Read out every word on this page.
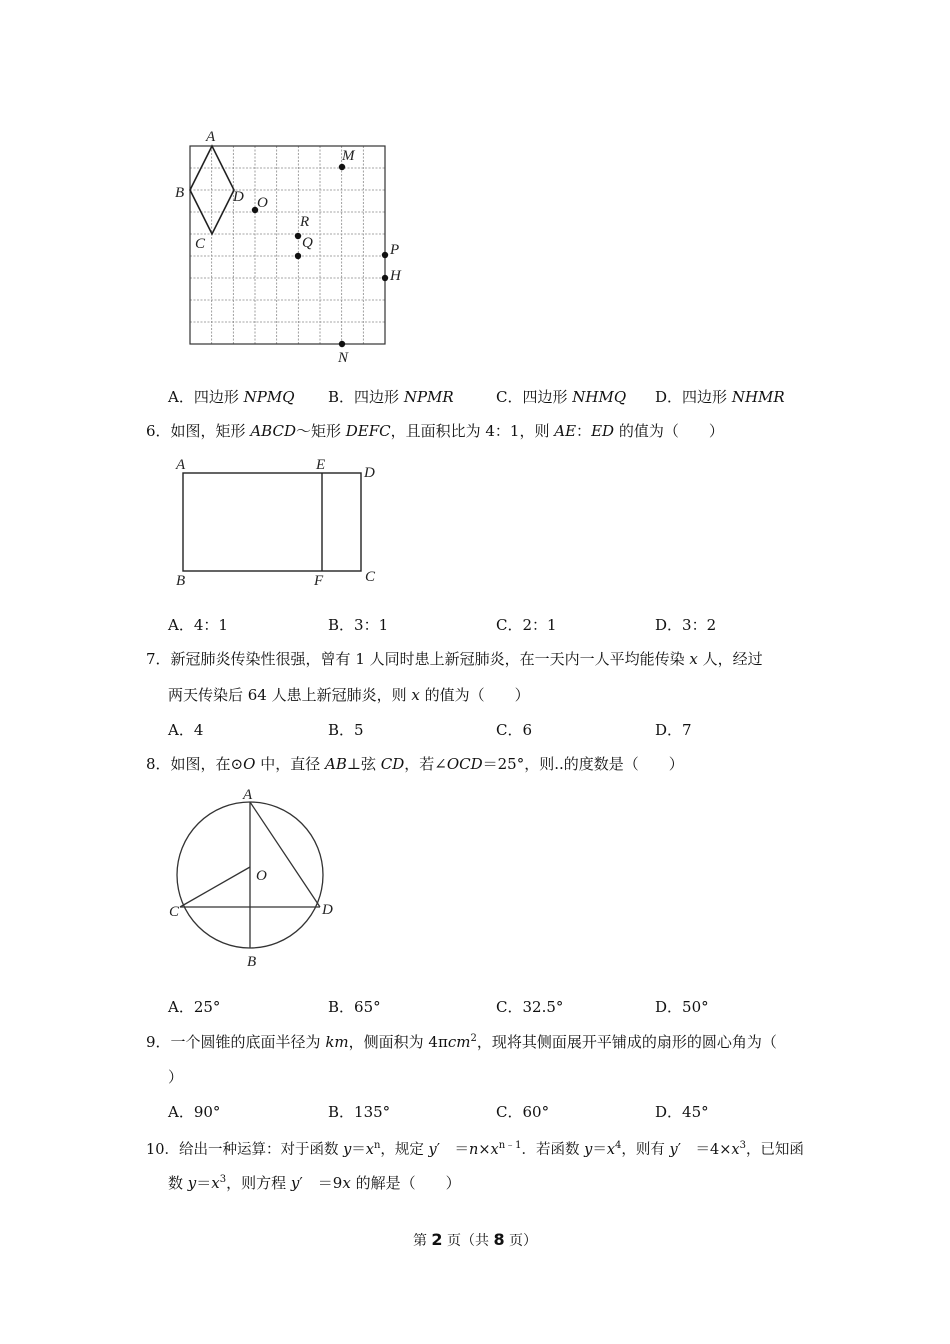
A
B
C
D O
M
R
Q	P
H
N
A．四边形 NPMQ B．四边形 NPMR	C．四边形 NHMQ D．四边形 NHMR
6．如图，矩形 ABCD～矩形 DEFC，且面积比为 4：1，则 AE：ED 的值为（　　）
A	E	D
B	F	C
A．4：1	B．3：1	C．2：1	D．3：2
7．新冠肺炎传染性很强，曾有 1 人同时患上新冠肺炎，在一天内一人平均能传染 x 人，经过
两天传染后 64 人患上新冠肺炎，则 x 的值为（　　）
A．4	B．5	C．6	D．7
8．如图，在⊙O 中，直径 AB⊥弦 CD，若∠OCD＝25°，则..的度数是（　　）
A
O
C	D
B
A．25°	B．65°	C．32.5°	D．50°
9．一个圆锥的底面半径为 km，侧面积为 4πcm$^2$，现将其侧面展开平铺成的扇形的圆心角为（
）
A．90°	B．135°	C．60°	D．45°
10．给出一种运算：对于函数 $y=x^n$，规定 y′　$=n\times x^{n﹣1}$．若函数 $y=x^4$，则有 y′　$=4\times x^3$，已知函
数 $y=x^3$，则方程 y′　＝9x 的解是（　　）
第 2 页（共 8 页）
